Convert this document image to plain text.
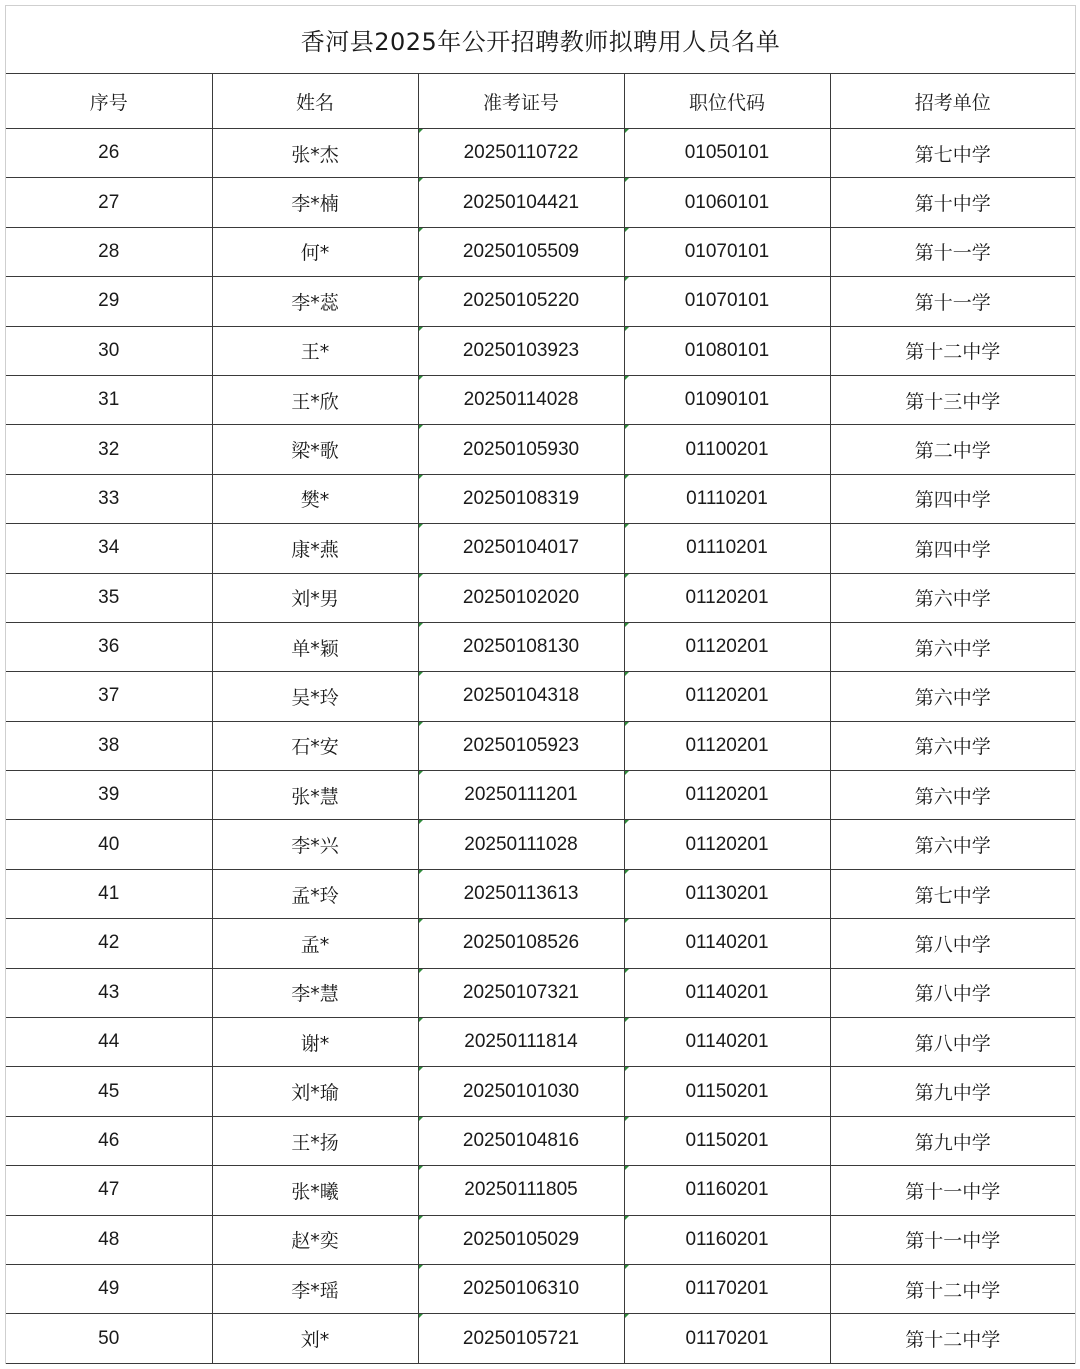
香河县2025年公开招聘教师拟聘用人员名单
序号	姓名	准考证号	职位代码	招考单位
26	张*杰	20250110722	01050101	第七中学
27	李*楠	20250104421	01060101	第十中学
28	何*	20250105509	01070101	第十一学
29	李*蕊	20250105220	01070101	第十一学
30	王*	20250103923	01080101	第十二中学
31	王*欣	20250114028	01090101	第十三中学
32	梁*歌	20250105930	01100201	第二中学
33	樊*	20250108319	01110201	第四中学
34	康*燕	20250104017	01110201	第四中学
35	刘*男	20250102020	01120201	第六中学
36	单*颖	20250108130	01120201	第六中学
37	吴*玲	20250104318	01120201	第六中学
38	石*安	20250105923	01120201	第六中学
39	张*慧	20250111201	01120201	第六中学
40	李*兴	20250111028	01120201	第六中学
41	孟*玲	20250113613	01130201	第七中学
42	孟*	20250108526	01140201	第八中学
43	李*慧	20250107321	01140201	第八中学
44	谢*	20250111814	01140201	第八中学
45	刘*瑜	20250101030	01150201	第九中学
46	王*扬	20250104816	01150201	第九中学
47	张*曦	20250111805	01160201	第十一中学
48	赵*奕	20250105029	01160201	第十一中学
49	李*瑶	20250106310	01170201	第十二中学
50	刘*	20250105721	01170201	第十二中学
